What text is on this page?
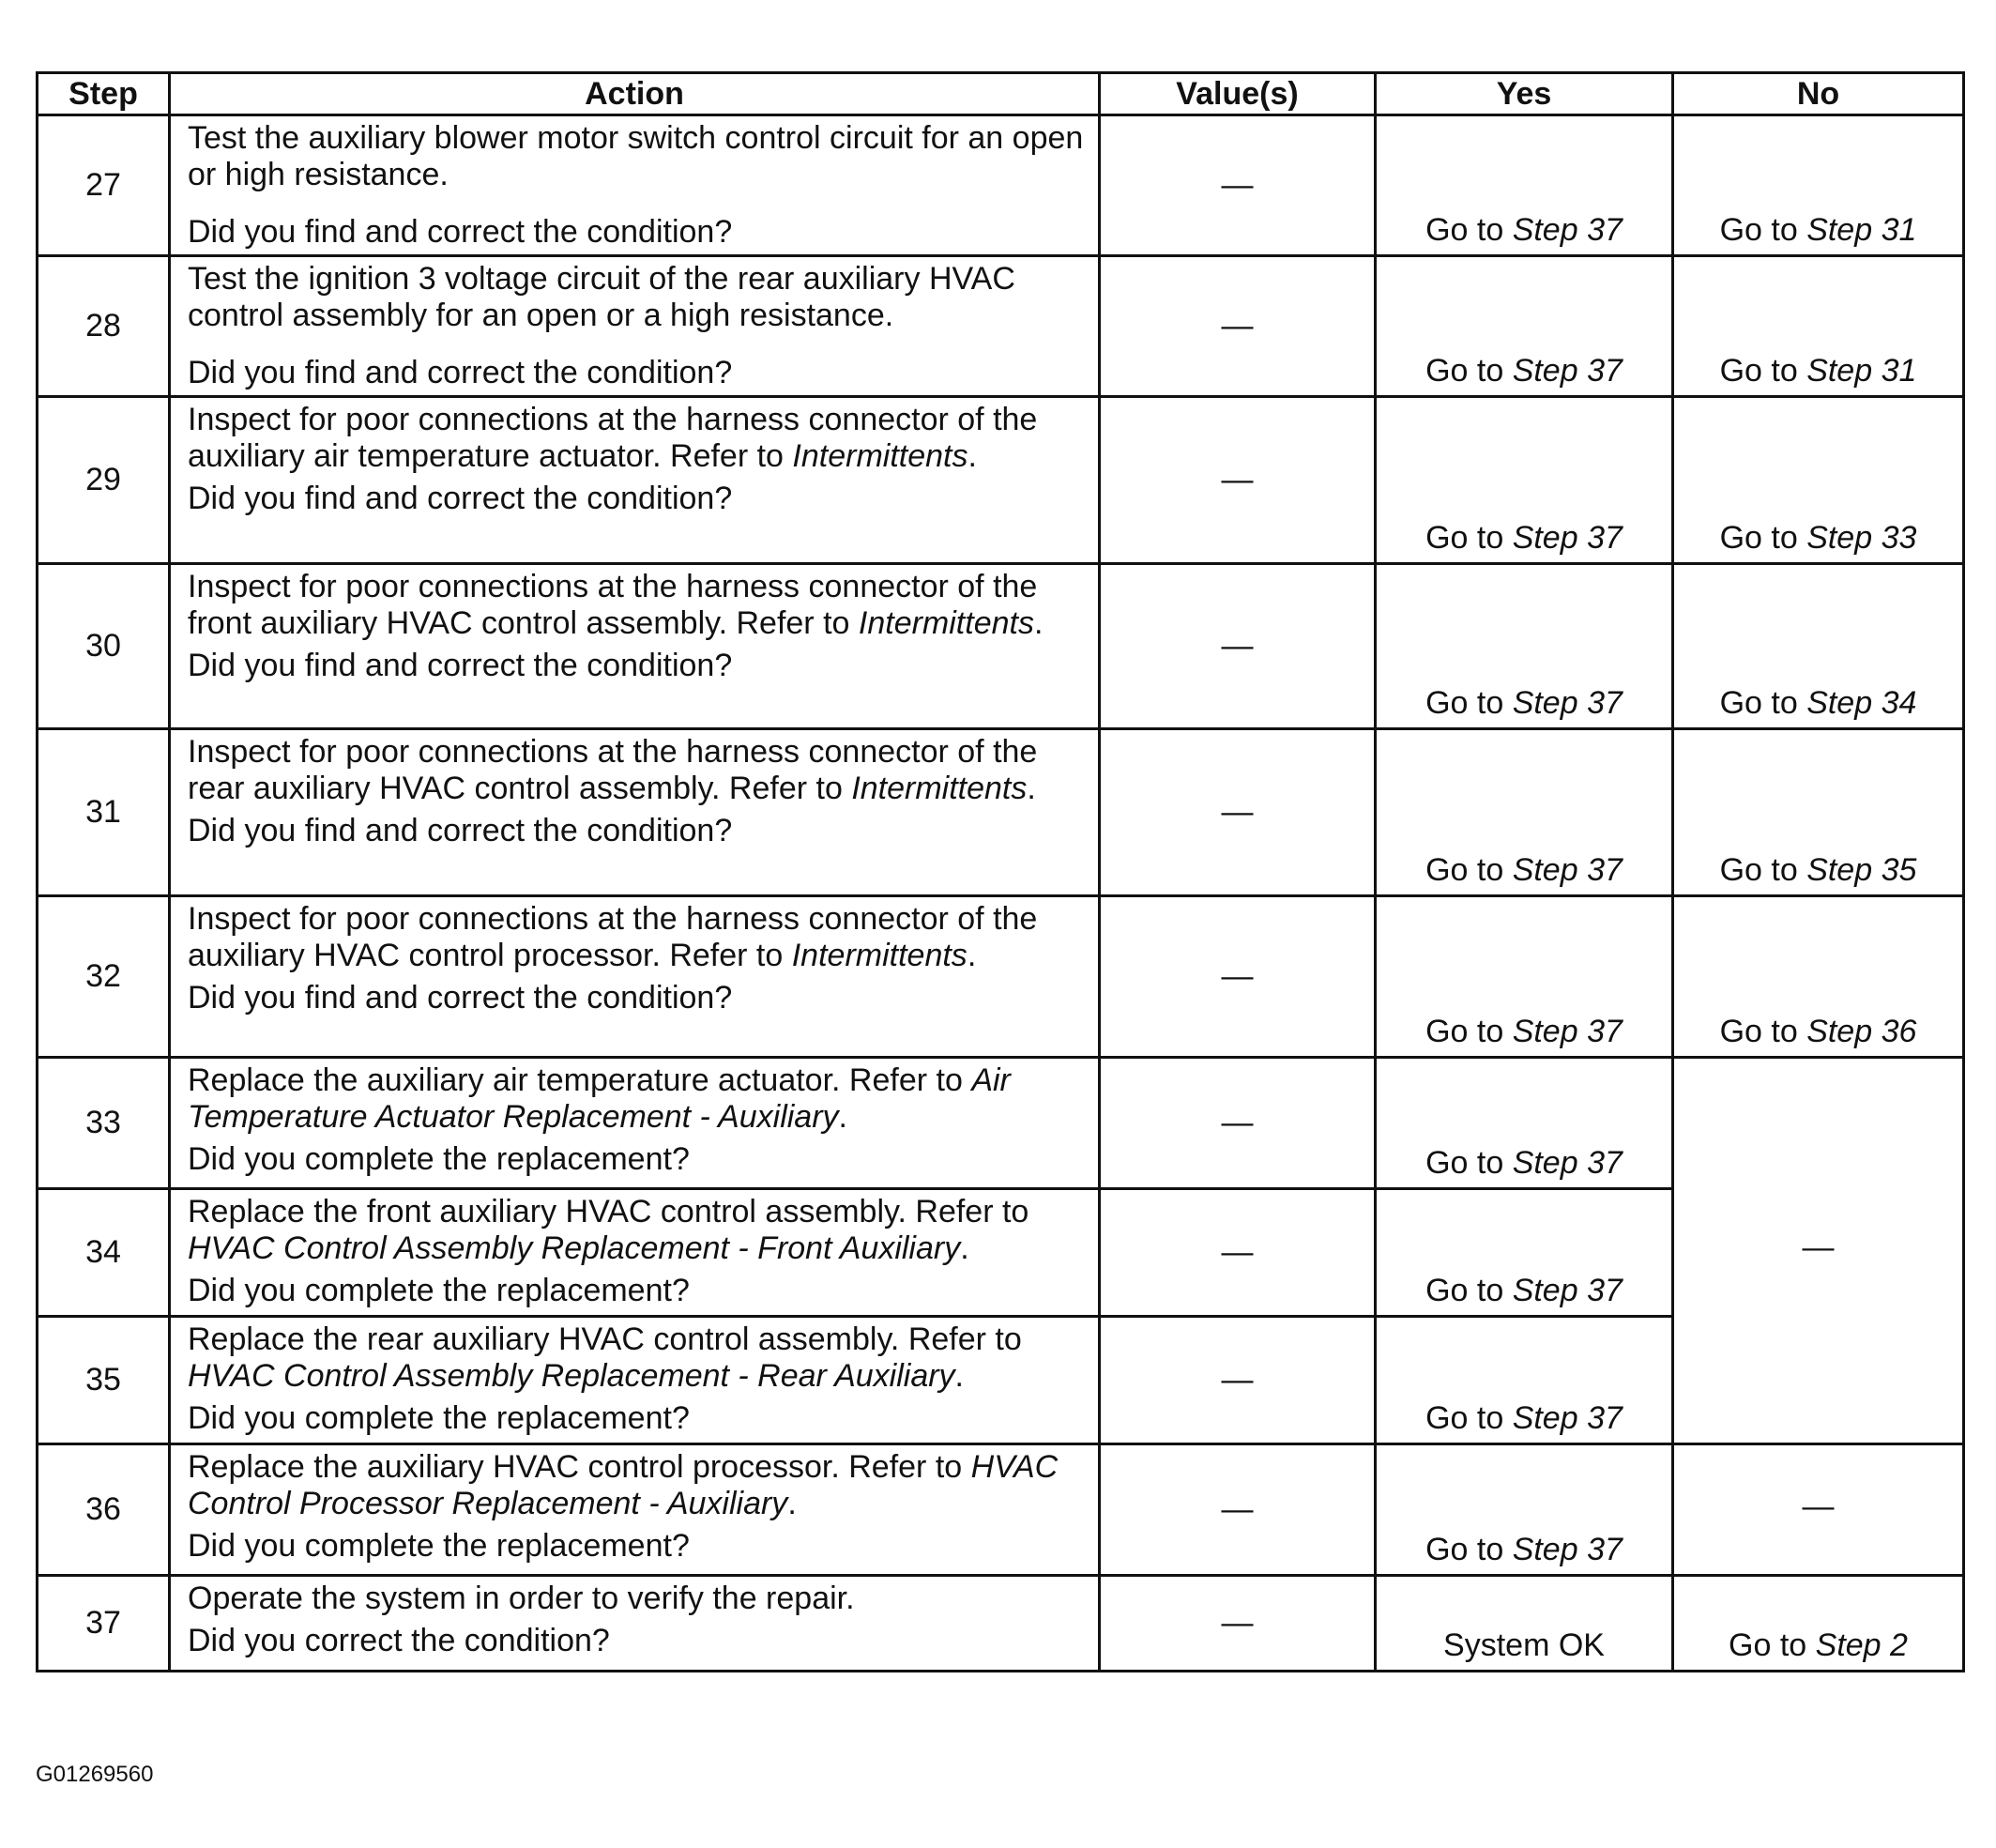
Step	Action	Value(s)	Yes	No
27	Test the auxiliary blower motor switch control circuit for an open or high resistance.
Did you find and correct the condition?	—	Go to Step 37	Go to Step 31
28	Test the ignition 3 voltage circuit of the rear auxiliary HVAC control assembly for an open or a high resistance.
Did you find and correct the condition?	—	Go to Step 37	Go to Step 31
29	Inspect for poor connections at the harness connector of the auxiliary air temperature actuator. Refer to Intermittents.
Did you find and correct the condition?	—	Go to Step 37	Go to Step 33
30	Inspect for poor connections at the harness connector of the front auxiliary HVAC control assembly. Refer to Intermittents.
Did you find and correct the condition?	—	Go to Step 37	Go to Step 34
31	Inspect for poor connections at the harness connector of the rear auxiliary HVAC control assembly. Refer to Intermittents.
Did you find and correct the condition?	—	Go to Step 37	Go to Step 35
32	Inspect for poor connections at the harness connector of the auxiliary HVAC control processor. Refer to Intermittents.
Did you find and correct the condition?	—	Go to Step 37	Go to Step 36
33	Replace the auxiliary air temperature actuator. Refer to Air Temperature Actuator Replacement - Auxiliary.
Did you complete the replacement?	—	Go to Step 37	—
34	Replace the front auxiliary HVAC control assembly. Refer to HVAC Control Assembly Replacement - Front Auxiliary.
Did you complete the replacement?	—	Go to Step 37	
35	Replace the rear auxiliary HVAC control assembly. Refer to HVAC Control Assembly Replacement - Rear Auxiliary.
Did you complete the replacement?	—	Go to Step 37	
36	Replace the auxiliary HVAC control processor. Refer to HVAC Control Processor Replacement - Auxiliary.
Did you complete the replacement?	—	Go to Step 37	—
37	Operate the system in order to verify the repair.
Did you correct the condition?	—	System OK	Go to Step 2
G01269560
